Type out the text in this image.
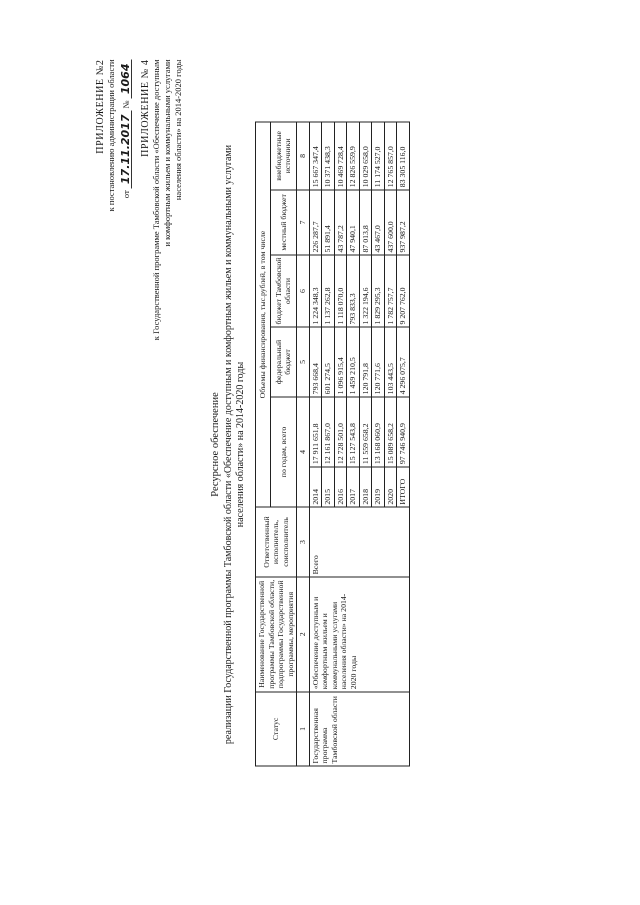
ПРИЛОЖЕНИЕ №2 к постановлению администрации области от 17.11.2017 № 1064 ПРИЛОЖЕНИЕ № 4 к Государственной программе Тамбовской области «Обеспечение доступным и комфортным жильем и коммунальными услугами населения области» на 2014-2020 годы
Ресурсное обеспечение реализации Государственной программы Тамбовской области «Обеспечение доступным и комфортным жильем и коммунальными услугами населения области» на 2014-2020 годы
Статус	Наименование Государственной программы Тамбовской области, подпрограммы Государственной программы, мероприятия	Ответственный исполнитель, соисполнитель	Объемы финансирования, тыс.рублей, в том числе					
			по годам, всего		федеральный бюджет	бюджет Тамбовской области	местный бюджет	внебюджетные источники
1	2	3	4		5	6	7	8
Государственная программа Тамбовской области	«Обеспечение доступным и комфортным жильем и коммунальными услугами населения области» на 2014-2020 годы	Всего	2014	17 911 651,8	793 668,4	1 224 348,3	226 287,7	15 667 347,4
			2015	12 161 867,0	601 274,5	1 137 262,8	51 891,4	10 371 438,3
			2016	12 728 501,0	1 096 915,4	1 118 070,0	43 787,2	10 469 728,4
			2017	15 127 543,8	1 459 210,5	793 833,3	47 940,1	12 826 559,9
			2018	11 559 658,2	120 791,8	1 322 194,6	87 013,8	10 029 658,0
			2019	13 168 060,9	120 771,6	1 829 295,3	43 467,0	11 174 527,0
			2020	15 089 658,2	103 443,5	1 782 757,7	437 600,0	12 765 857,0
			ИТОГО	97 746 940,9	4 296 075,7	9 207 762,0	937 987,2	83 305 116,0
